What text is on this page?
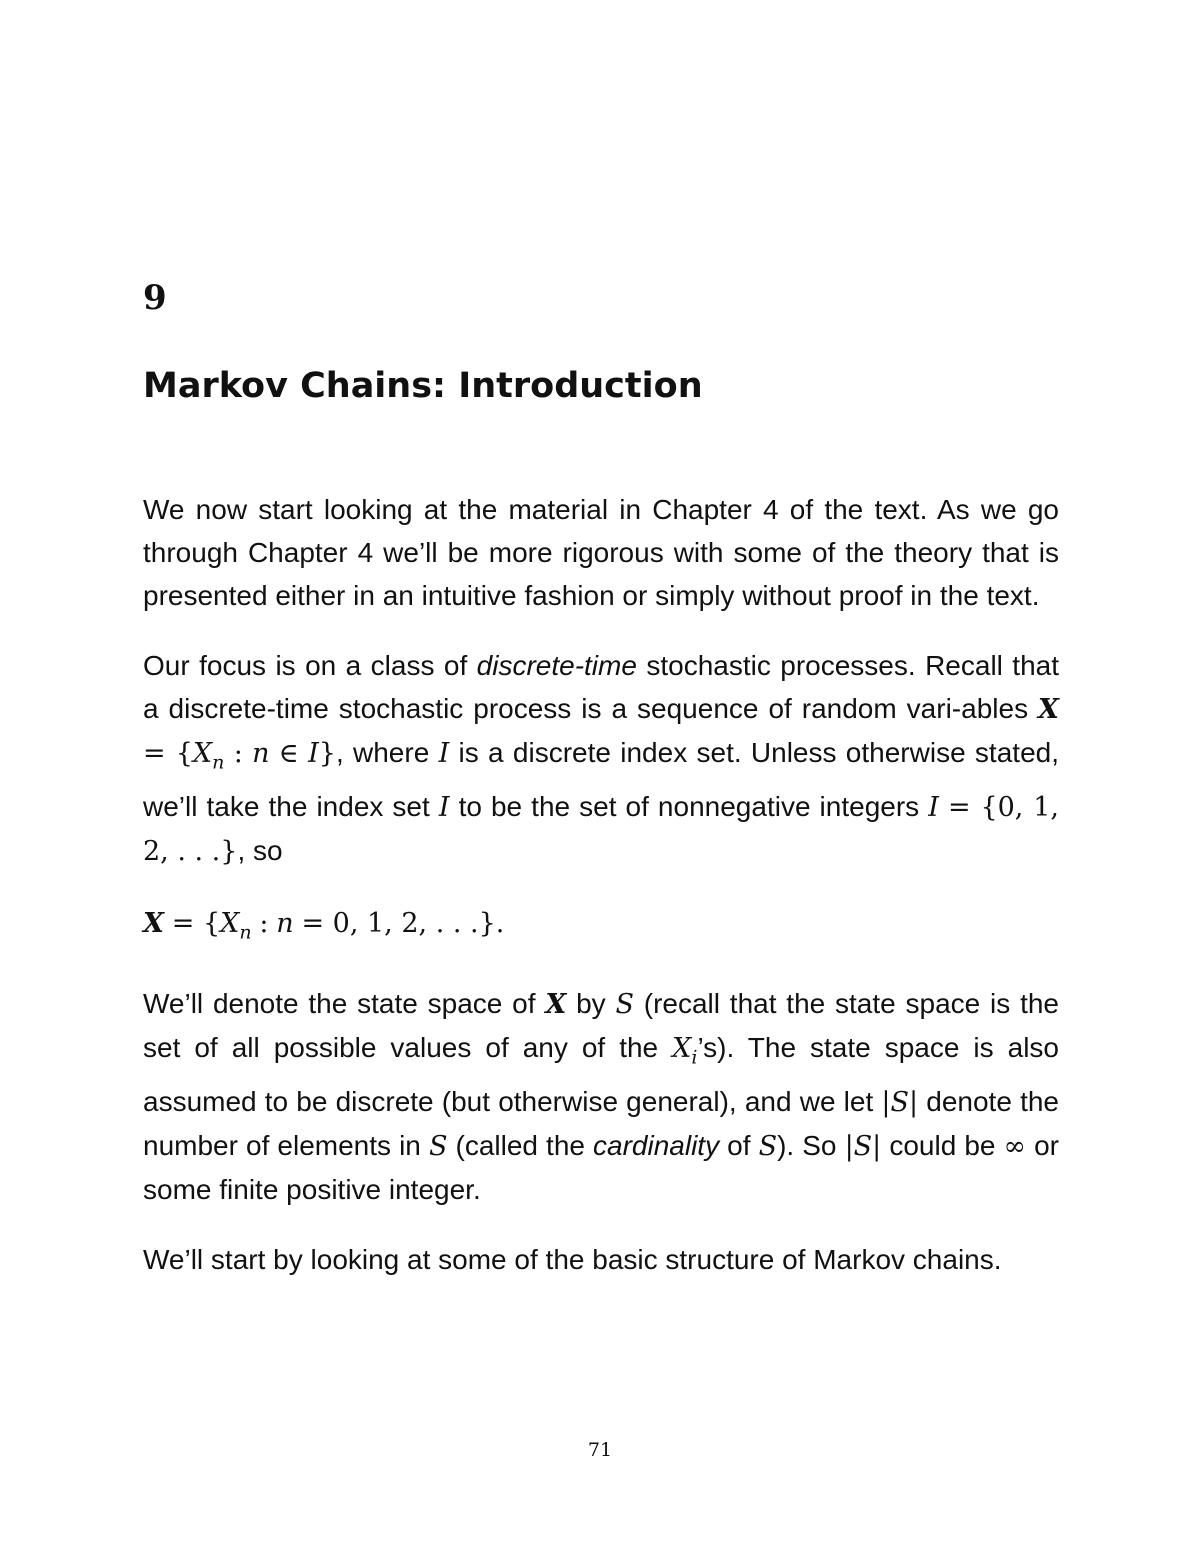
9
Markov Chains: Introduction

We now start looking at the material in Chapter 4 of the text. As we go through Chapter 4 we’ll be more rigorous with some of the theory that is presented either in an intuitive fashion or simply without proof in the text.

Our focus is on a class of discrete-time stochastic processes. Recall that a discrete-time stochastic process is a sequence of random vari-ables $X = \{X_n$ : n ∈ I}, where I is a discrete index set. Unless otherwise stated, we’ll take the index set I to be the set of nonnegative integers I = {0, 1, 2, . . .}, so

$X = \{X_n$ : n = 0, 1, 2, . . .}.

We’ll denote the state space of X by S (recall that the state space is the set of all possible values of any of the $X_i’s$). The state space is also assumed to be discrete (but otherwise general), and we let |S| denote the number of elements in S (called the cardinality of S). So |S| could be ∞ or some finite positive integer.

We’ll start by looking at some of the basic structure of Markov chains.

71
